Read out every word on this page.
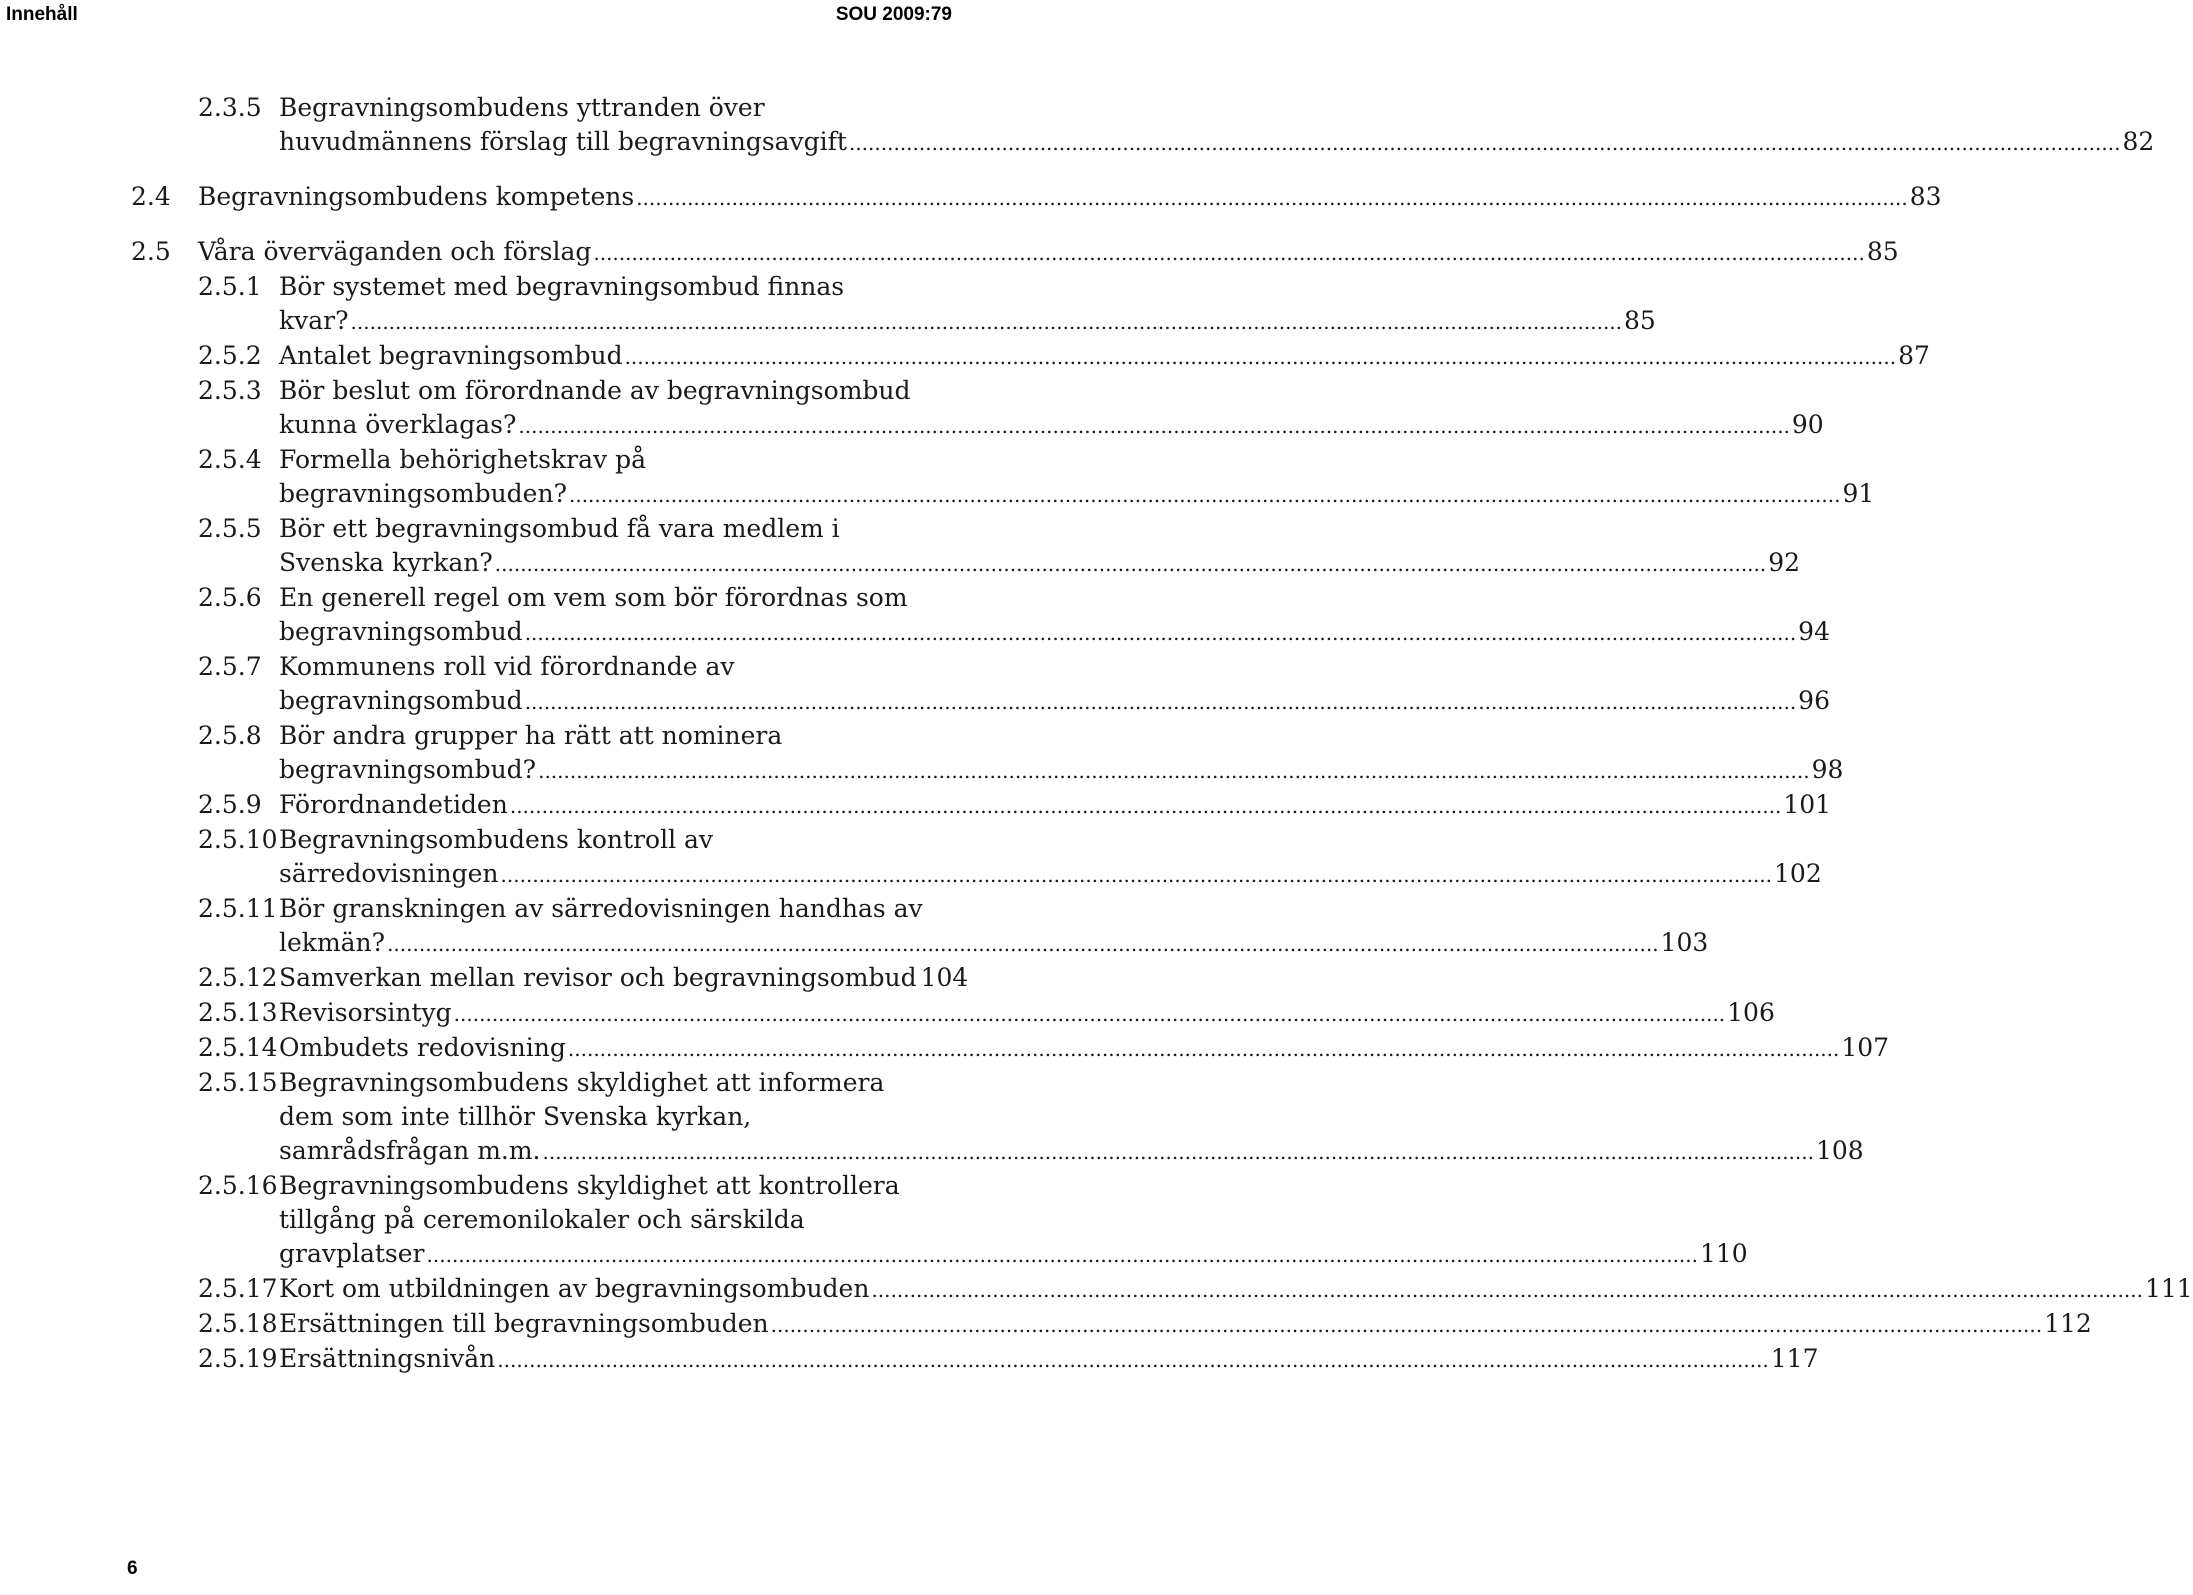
Innehåll	SOU 2009:79
2.3.5 Begravningsombudens yttranden över
huvudmännens förslag till begravningsavgift .....	82
2.4 Begravningsombudens kompetens .....	83
2.5 Våra överväganden och förslag .....	85
2.5.1 Bör systemet med begravningsombud finnas
kvar? .....	85
2.5.2 Antalet begravningsombud .....	87
2.5.3 Bör beslut om förordnande av begravningsombud
kunna överklagas? .....	90
2.5.4 Formella behörighetskrav på
begravningsombuden? .....	91
2.5.5 Bör ett begravningsombud få vara medlem i
Svenska kyrkan? .....	92
2.5.6 En generell regel om vem som bör förordnas som
begravningsombud .....	94
2.5.7 Kommunens roll vid förordnande av
begravningsombud .....	96
2.5.8 Bör andra grupper ha rätt att nominera
begravningsombud? .....	98
2.5.9 Förordnandetiden .....	101
2.5.10 Begravningsombudens kontroll av
särredovisningen .....	102
2.5.11 Bör granskningen av särredovisningen handhas av
lekmän? .....	103
2.5.12 Samverkan mellan revisor och begravningsombud 104
2.5.13 Revisorsintyg .....	106
2.5.14 Ombudets redovisning .....	107
2.5.15 Begravningsombudens skyldighet att informera
dem som inte tillhör Svenska kyrkan,
samrådsfrågan m.m. .....	108
2.5.16 Begravningsombudens skyldighet att kontrollera
tillgång på ceremonilokaler och särskilda
gravplatser .....	110
2.5.17 Kort om utbildningen av begravningsombuden .....	111
2.5.18 Ersättningen till begravningsombuden .....	112
2.5.19 Ersättningsnivån .....	117
6
